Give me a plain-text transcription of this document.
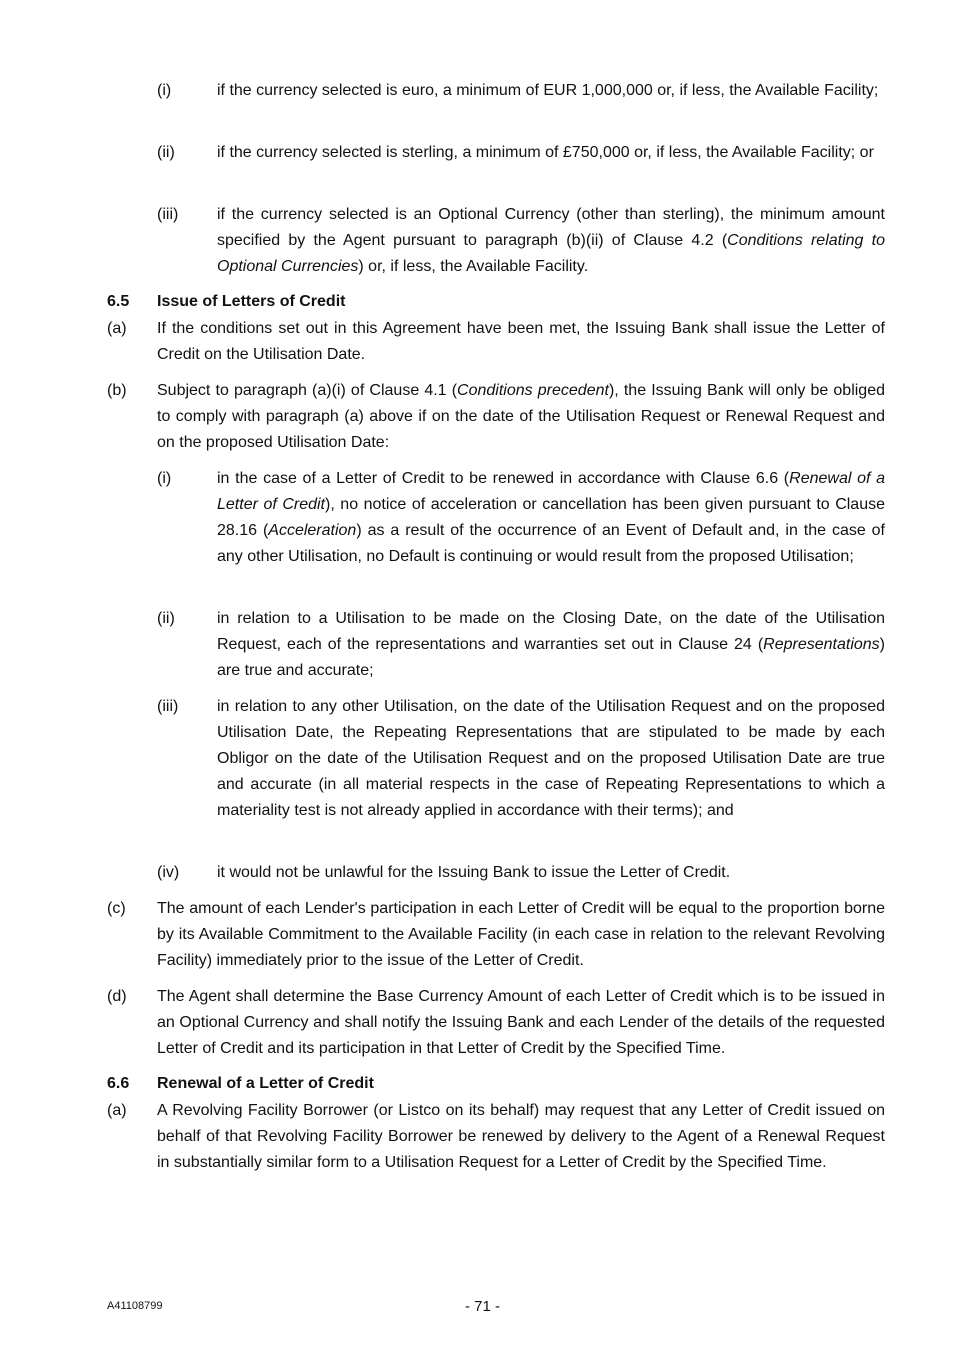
(i)	if the currency selected is euro, a minimum of EUR 1,000,000 or, if less, the Available Facility;
(ii)	if the currency selected is sterling, a minimum of £750,000 or, if less, the Available Facility; or
(iii) if the currency selected is an Optional Currency (other than sterling), the minimum amount specified by the Agent pursuant to paragraph (b)(ii) of Clause 4.2 (Conditions relating to Optional Currencies) or, if less, the Available Facility.
6.5 Issue of Letters of Credit
(a) If the conditions set out in this Agreement have been met, the Issuing Bank shall issue the Letter of Credit on the Utilisation Date.
(b) Subject to paragraph (a)(i) of Clause 4.1 (Conditions precedent), the Issuing Bank will only be obliged to comply with paragraph (a) above if on the date of the Utilisation Request or Renewal Request and on the proposed Utilisation Date:
(i)	in the case of a Letter of Credit to be renewed in accordance with Clause 6.6 (Renewal of a Letter of Credit), no notice of acceleration or cancellation has been given pursuant to Clause 28.16 (Acceleration) as a result of the occurrence of an Event of Default and, in the case of any other Utilisation, no Default is continuing or would result from the proposed Utilisation;
(ii)	in relation to a Utilisation to be made on the Closing Date, on the date of the Utilisation Request, each of the representations and warranties set out in Clause 24 (Representations) are true and accurate;
(iii) in relation to any other Utilisation, on the date of the Utilisation Request and on the proposed Utilisation Date, the Repeating Representations that are stipulated to be made by each Obligor on the date of the Utilisation Request and on the proposed Utilisation Date are true and accurate (in all material respects in the case of Repeating Representations to which a materiality test is not already applied in accordance with their terms); and
(iv) it would not be unlawful for the Issuing Bank to issue the Letter of Credit.
(c) The amount of each Lender's participation in each Letter of Credit will be equal to the proportion borne by its Available Commitment to the Available Facility (in each case in relation to the relevant Revolving Facility) immediately prior to the issue of the Letter of Credit.
(d) The Agent shall determine the Base Currency Amount of each Letter of Credit which is to be issued in an Optional Currency and shall notify the Issuing Bank and each Lender of the details of the requested Letter of Credit and its participation in that Letter of Credit by the Specified Time.
6.6 Renewal of a Letter of Credit
(a) A Revolving Facility Borrower (or Listco on its behalf) may request that any Letter of Credit issued on behalf of that Revolving Facility Borrower be renewed by delivery to the Agent of a Renewal Request in substantially similar form to a Utilisation Request for a Letter of Credit by the Specified Time.
A41108799	- 71 -
